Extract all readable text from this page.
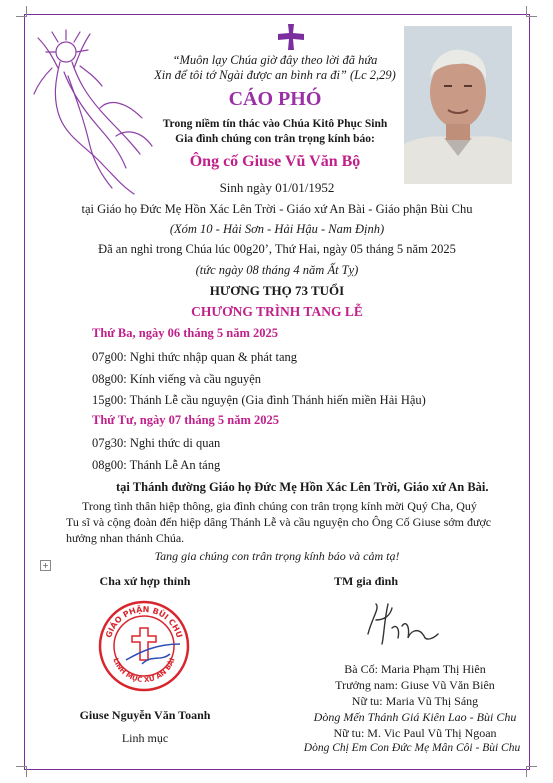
“Muôn lạy Chúa giờ đây theo lời đã hứa
Xin để tôi tớ Ngài được an bình ra đi” (Lc 2,29)
CÁO PHÓ
Trong niềm tín thác vào Chúa Kitô Phục Sinh
Gia đình chúng con trân trọng kính báo:
Ông cố Giuse Vũ Văn Bộ
Sinh ngày 01/01/1952
tại Giáo họ Đức Mẹ Hồn Xác Lên Trời - Giáo xứ An Bài - Giáo phận Bùi Chu
(Xóm 10 - Hải Sơn - Hải Hậu - Nam Định)
Đã an nghỉ trong Chúa lúc 00g20’, Thứ Hai, ngày 05 tháng 5 năm 2025
(tức ngày 08 tháng 4 năm Ất Tỵ)
HƯƠNG THỌ 73 TUỔI
CHƯƠNG TRÌNH TANG LỄ
Thứ Ba, ngày 06 tháng 5 năm 2025
07g00: Nghi thức nhập quan & phát tang
08g00: Kính viếng và cầu nguyện
15g00: Thánh Lễ cầu nguyện (Gia đình Thánh hiến miền Hải Hậu)
Thứ Tư, ngày 07 tháng 5 năm 2025
07g30: Nghi thức di quan
08g00: Thánh Lễ An táng
tại Thánh đường Giáo họ Đức Mẹ Hồn Xác Lên Trời, Giáo xứ An Bài.
Trong tình thân hiệp thông, gia đình chúng con trân trọng kính mời Quý Cha, Quý
Tu sĩ và cộng đoàn đến hiệp dâng Thánh Lễ và cầu nguyện cho Ông Cố Giuse sớm được
hưởng nhan thánh Chúa.
Tang gia chúng con trân trọng kính báo và cảm tạ!
+
Cha xứ hợp thỉnh
GIÁO PHẬN BÙI CHU
LINH MỤC XỨ AN BÀI
Giuse Nguyễn Văn Toanh
Linh mục
TM gia đình
Hiên
Bà Cố: Maria Phạm Thị Hiên
Trưởng nam: Giuse Vũ Văn Biên
Nữ tu: Maria Vũ Thị Sáng
Dòng Mến Thánh Giá Kiên Lao - Bùi Chu
Nữ tu: M. Vic Paul Vũ Thị Ngoan
Dòng Chị Em Con Đức Mẹ Mân Côi - Bùi Chu
